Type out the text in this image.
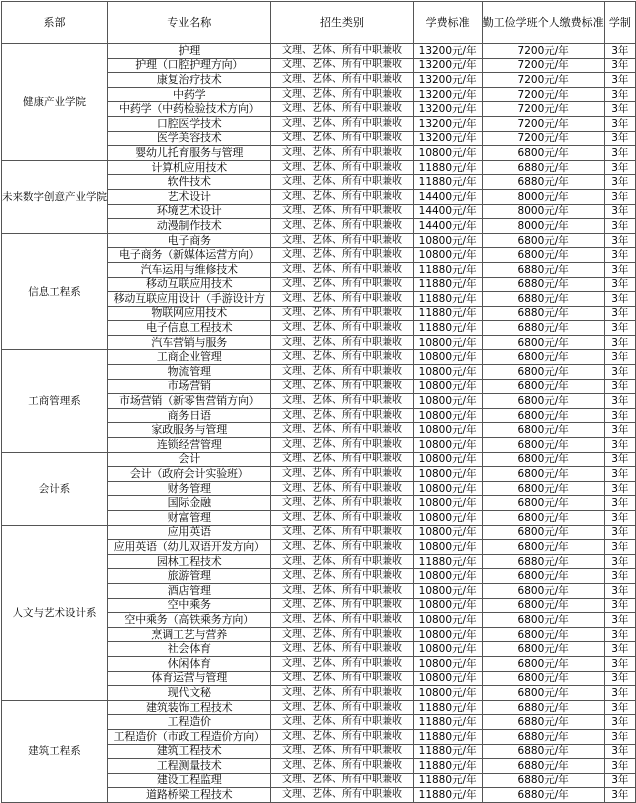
系部	专业名称	招生类别	学费标准	勤工俭学班个人缴费标准	学制
健康产业学院	护理	文理、艺体、所有中职兼收	13200元/年	7200元/年	3年
	护理（口腔护理方向）	文理、艺体、所有中职兼收	13200元/年	7200元/年	3年
	康复治疗技术	文理、艺体、所有中职兼收	13200元/年	7200元/年	3年
	中药学	文理、艺体、所有中职兼收	13200元/年	7200元/年	3年
	中药学（中药检验技术方向）	文理、艺体、所有中职兼收	13200元/年	7200元/年	3年
	口腔医学技术	文理、艺体、所有中职兼收	13200元/年	7200元/年	3年
	医学美容技术	文理、艺体、所有中职兼收	13200元/年	7200元/年	3年
	婴幼儿托育服务与管理	文理、艺体、所有中职兼收	10800元/年	6800元/年	3年
未来数字创意产业学院	计算机应用技术	文理、艺体、所有中职兼收	11880元/年	6880元/年	3年
	软件技术	文理、艺体、所有中职兼收	11880元/年	6880元/年	3年
	艺术设计	文理、艺体、所有中职兼收	14400元/年	8000元/年	3年
	环境艺术设计	文理、艺体、所有中职兼收	14400元/年	8000元/年	3年
	动漫制作技术	文理、艺体、所有中职兼收	14400元/年	8000元/年	3年
信息工程系	电子商务	文理、艺体、所有中职兼收	10800元/年	6800元/年	3年
	电子商务（新媒体运营方向）	文理、艺体、所有中职兼收	10800元/年	6800元/年	3年
	汽车运用与维修技术	文理、艺体、所有中职兼收	11880元/年	6880元/年	3年
	移动互联应用技术	文理、艺体、所有中职兼收	11880元/年	6880元/年	3年
	移动互联应用设计（手游设计方	文理、艺体、所有中职兼收	11880元/年	6880元/年	3年
	物联网应用技术	文理、艺体、所有中职兼收	11880元/年	6880元/年	3年
	电子信息工程技术	文理、艺体、所有中职兼收	11880元/年	6880元/年	3年
	汽车营销与服务	文理、艺体、所有中职兼收	10800元/年	6800元/年	3年
工商管理系	工商企业管理	文理、艺体、所有中职兼收	10800元/年	6800元/年	3年
	物流管理	文理、艺体、所有中职兼收	10800元/年	6800元/年	3年
	市场营销	文理、艺体、所有中职兼收	10800元/年	6800元/年	3年
	市场营销（新零售营销方向）	文理、艺体、所有中职兼收	10800元/年	6800元/年	3年
	商务日语	文理、艺体、所有中职兼收	10800元/年	6800元/年	3年
	家政服务与管理	文理、艺体、所有中职兼收	10800元/年	6800元/年	3年
	连锁经营管理	文理、艺体、所有中职兼收	10800元/年	6800元/年	3年
会计系	会计	文理、艺体、所有中职兼收	10800元/年	6800元/年	3年
	会计（政府会计实验班）	文理、艺体、所有中职兼收	10800元/年	6800元/年	3年
	财务管理	文理、艺体、所有中职兼收	10800元/年	6800元/年	3年
	国际金融	文理、艺体、所有中职兼收	10800元/年	6800元/年	3年
	财富管理	文理、艺体、所有中职兼收	10800元/年	6800元/年	3年
人文与艺术设计系	应用英语	文理、艺体、所有中职兼收	10800元/年	6800元/年	3年
	应用英语（幼儿双语开发方向）	文理、艺体、所有中职兼收	10800元/年	6800元/年	3年
	园林工程技术	文理、艺体、所有中职兼收	11880元/年	6880元/年	3年
	旅游管理	文理、艺体、所有中职兼收	10800元/年	6800元/年	3年
	酒店管理	文理、艺体、所有中职兼收	10800元/年	6800元/年	3年
	空中乘务	文理、艺体、所有中职兼收	10800元/年	6800元/年	3年
	空中乘务（高铁乘务方向）	文理、艺体、所有中职兼收	10800元/年	6800元/年	3年
	烹调工艺与营养	文理、艺体、所有中职兼收	10800元/年	6800元/年	3年
	社会体育	文理、艺体、所有中职兼收	10800元/年	6800元/年	3年
	休闲体育	文理、艺体、所有中职兼收	10800元/年	6800元/年	3年
	体育运营与管理	文理、艺体、所有中职兼收	10800元/年	6800元/年	3年
	现代文秘	文理、艺体、所有中职兼收	10800元/年	6800元/年	3年
建筑工程系	建筑装饰工程技术	文理、艺体、所有中职兼收	11880元/年	6880元/年	3年
	工程造价	文理、艺体、所有中职兼收	11880元/年	6880元/年	3年
	工程造价（市政工程造价方向）	文理、艺体、所有中职兼收	11880元/年	6880元/年	3年
	建筑工程技术	文理、艺体、所有中职兼收	11880元/年	6880元/年	3年
	工程测量技术	文理、艺体、所有中职兼收	11880元/年	6880元/年	3年
	建设工程监理	文理、艺体、所有中职兼收	11880元/年	6880元/年	3年
	道路桥梁工程技术	文理、艺体、所有中职兼收	11880元/年	6880元/年	3年
